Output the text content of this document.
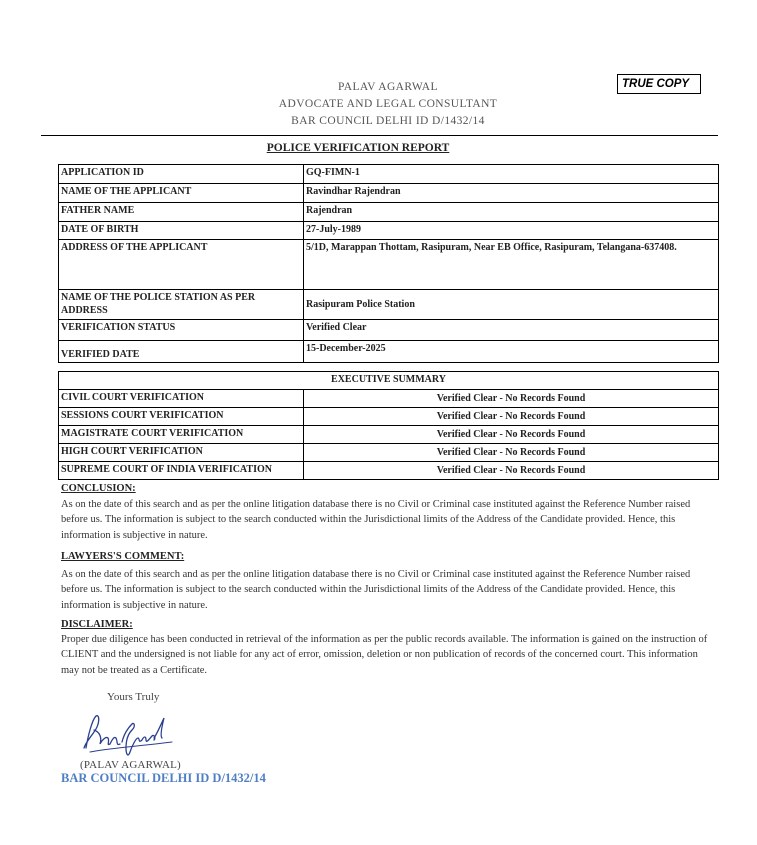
PALAV AGARWAL
ADVOCATE AND LEGAL CONSULTANT
BAR COUNCIL DELHI ID D/1432/14
TRUE COPY
POLICE VERIFICATION REPORT
APPLICATION ID	GQ-FIMN-1
NAME OF THE APPLICANT	Ravindhar Rajendran
FATHER NAME	Rajendran
DATE OF BIRTH	27-July-1989
ADDRESS OF THE APPLICANT	5/1D, Marappan Thottam, Rasipuram, Near EB Office, Rasipuram, Telangana-637408.
NAME OF THE POLICE STATION AS PER ADDRESS	Rasipuram Police Station
VERIFICATION STATUS	Verified Clear
VERIFIED DATE	15-December-2025
EXECUTIVE SUMMARY	
CIVIL COURT VERIFICATION	Verified Clear - No Records Found
SESSIONS COURT VERIFICATION	Verified Clear - No Records Found
MAGISTRATE COURT VERIFICATION	Verified Clear - No Records Found
HIGH COURT VERIFICATION	Verified Clear - No Records Found
SUPREME COURT OF INDIA VERIFICATION	Verified Clear - No Records Found
CONCLUSION:
As on the date of this search and as per the online litigation database there is no Civil or Criminal case instituted against the Reference Number raised before us. The information is subject to the search conducted within the Jurisdictional limits of the Address of the Candidate provided. Hence, this information is subjective in nature.
LAWYERS'S COMMENT:
As on the date of this search and as per the online litigation database there is no Civil or Criminal case instituted against the Reference Number raised before us. The information is subject to the search conducted within the Jurisdictional limits of the Address of the Candidate provided. Hence, this information is subjective in nature.
DISCLAIMER:
Proper due diligence has been conducted in retrieval of the information as per the public records available. The information is gained on the instruction of CLIENT and the undersigned is not liable for any act of error, omission, deletion or non publication of records of the concerned court. This information may not be treated as a Certificate.
Yours Truly
(PALAV AGARWAL)
BAR COUNCIL DELHI ID D/1432/14
